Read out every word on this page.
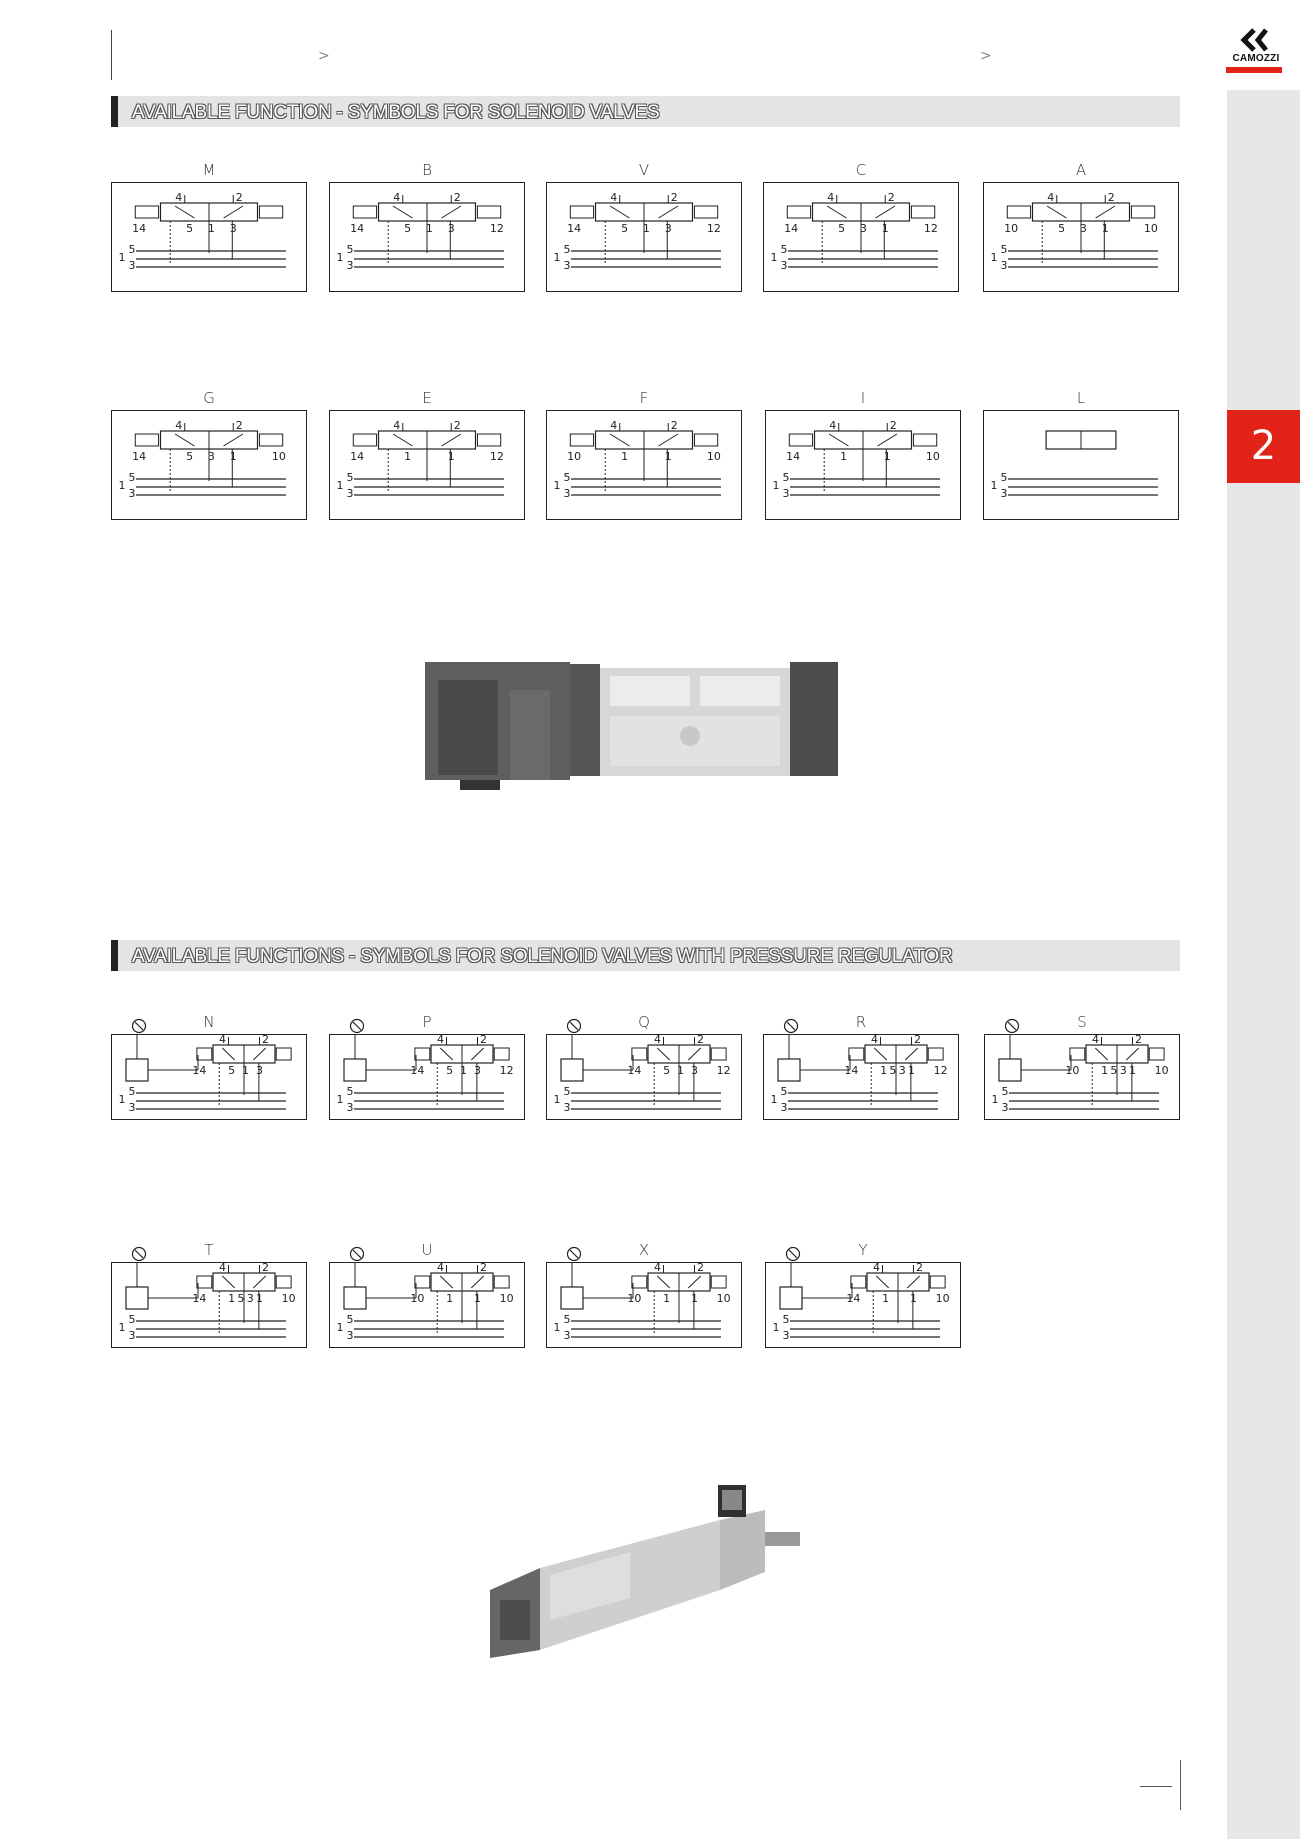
CAMOZZI
2
>	>
AVAILABLE FUNCTION - SYMBOLS FOR SOLENOID VALVES
M
4	2
14	5 1 3
1
5
3
B
4	2
14	12
5 1 3
1
5
3
V
4	2
14	12
5 1 3
1
5
3
C
4	2
14	12
5 3 1
1
5
3
A
4	2
10	10
5 3 1
1
5
3
G
4	2
14	10
5 3 1
1
5
3
E
4	2
14	12
1	1
1
5
3
F
4	2
10	10
1	1
1
5
3
I
4	2
14	10
1	1
1
5
3
L
1
5
3
AVAILABLE FUNCTIONS - SYMBOLS FOR SOLENOID VALVES WITH PRESSURE REGULATOR
N
4	2
14 5 1 3
1
5
3
P
4	2
14	12
5 1 3
1
5
3
Q
4	2
14	12
5 1 3
1
5
3
R
4	2
14	12
1 5 3 1
1
5
3
S
4	2
10	10
1 5 3 1
1
5
3
T
4	2
14	10
1 5 3 1
1
5
3
U
4	2
10	10
1 1
1
5
3
X
4	2
10	10
1 1
1
5
3
Y
4	2
14	10
1 1
1
5
3
